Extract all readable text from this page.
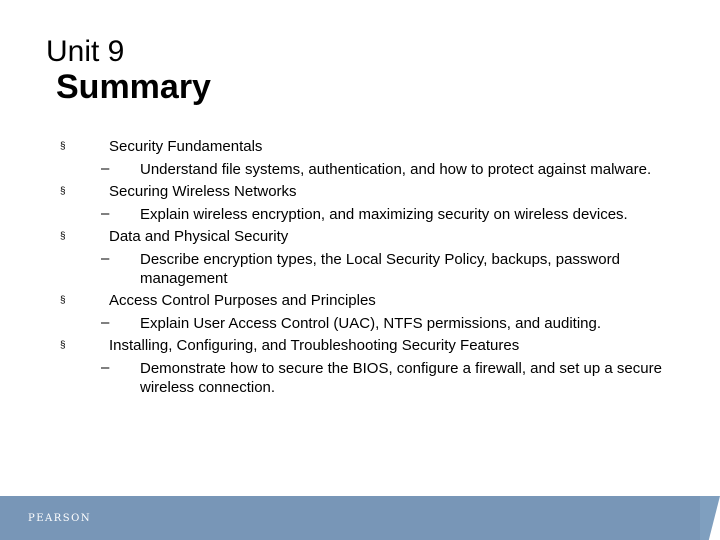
Unit 9
Summary
§	Security Fundamentals
– Understand file systems, authentication, and how to protect against malware.
§	Securing Wireless Networks
– Explain wireless encryption, and maximizing security on wireless devices.
§	Data and Physical Security
– Describe encryption types, the Local Security Policy, backups, password management
§	Access Control Purposes and Principles
– Explain User Access Control (UAC), NTFS permissions, and auditing.
§	Installing, Configuring, and Troubleshooting Security Features
– Demonstrate how to secure the BIOS, configure a firewall, and set up a secure wireless connection.
PEARSON
